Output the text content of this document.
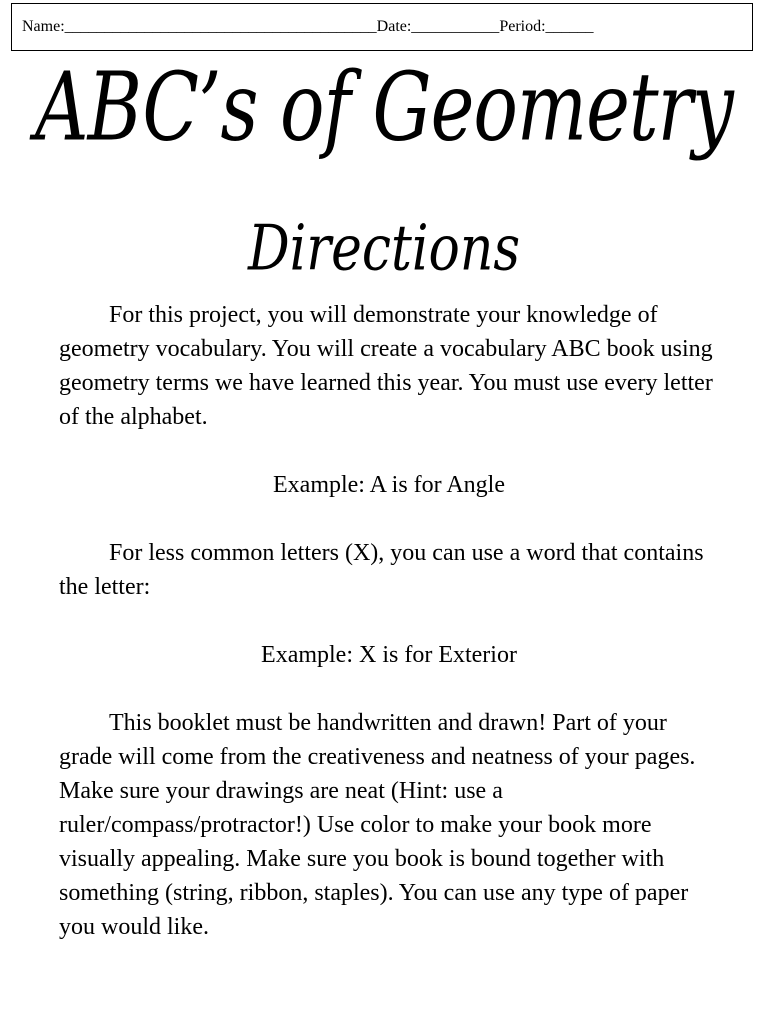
Name:_______________________________________ Date:___________ Period:______
ABC’s of Geometry
Directions

For this project, you will demonstrate your knowledge of geometry vocabulary. You will create a vocabulary ABC book using geometry terms we have learned this year. You must use every letter of the alphabet.

Example: A is for Angle

For less common letters (X), you can use a word that contains the letter:

Example: X is for Exterior

This booklet must be handwritten and drawn! Part of your grade will come from the creativeness and neatness of your pages. Make sure your drawings are neat (Hint: use a ruler/compass/protractor!) Use color to make your book more visually appealing. Make sure you book is bound together with something (string, ribbon, staples). You can use any type of paper you would like.
